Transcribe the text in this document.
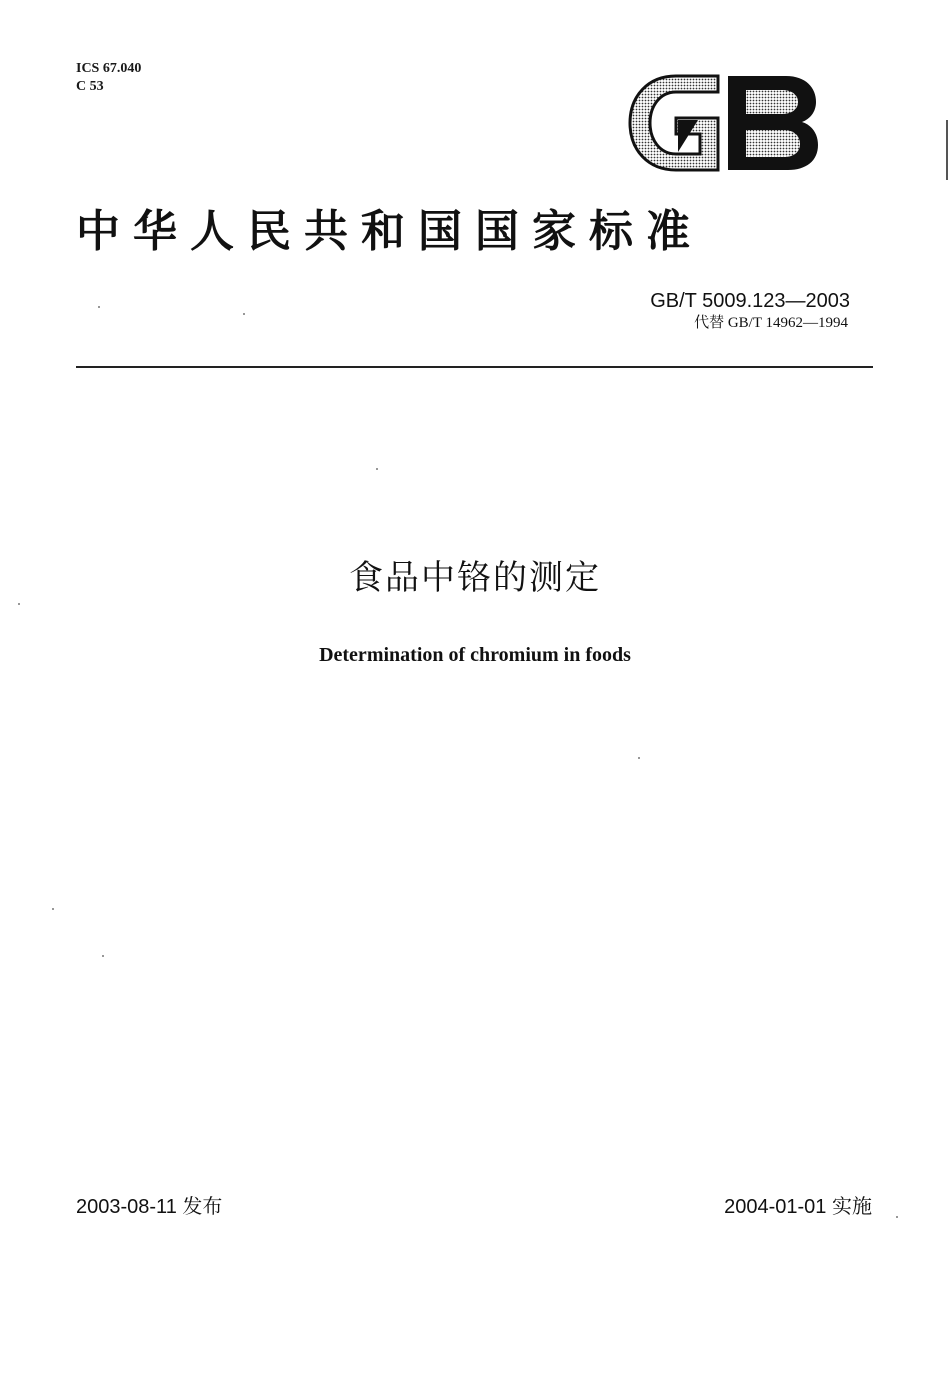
ICS 67.040
C 53
中华人民共和国国家标准
GB/T 5009.123—2003
代替 GB/T 14962—1994
食品中铬的测定
Determination of chromium in foods
2003-08-11 发布	2004-01-01 实施
